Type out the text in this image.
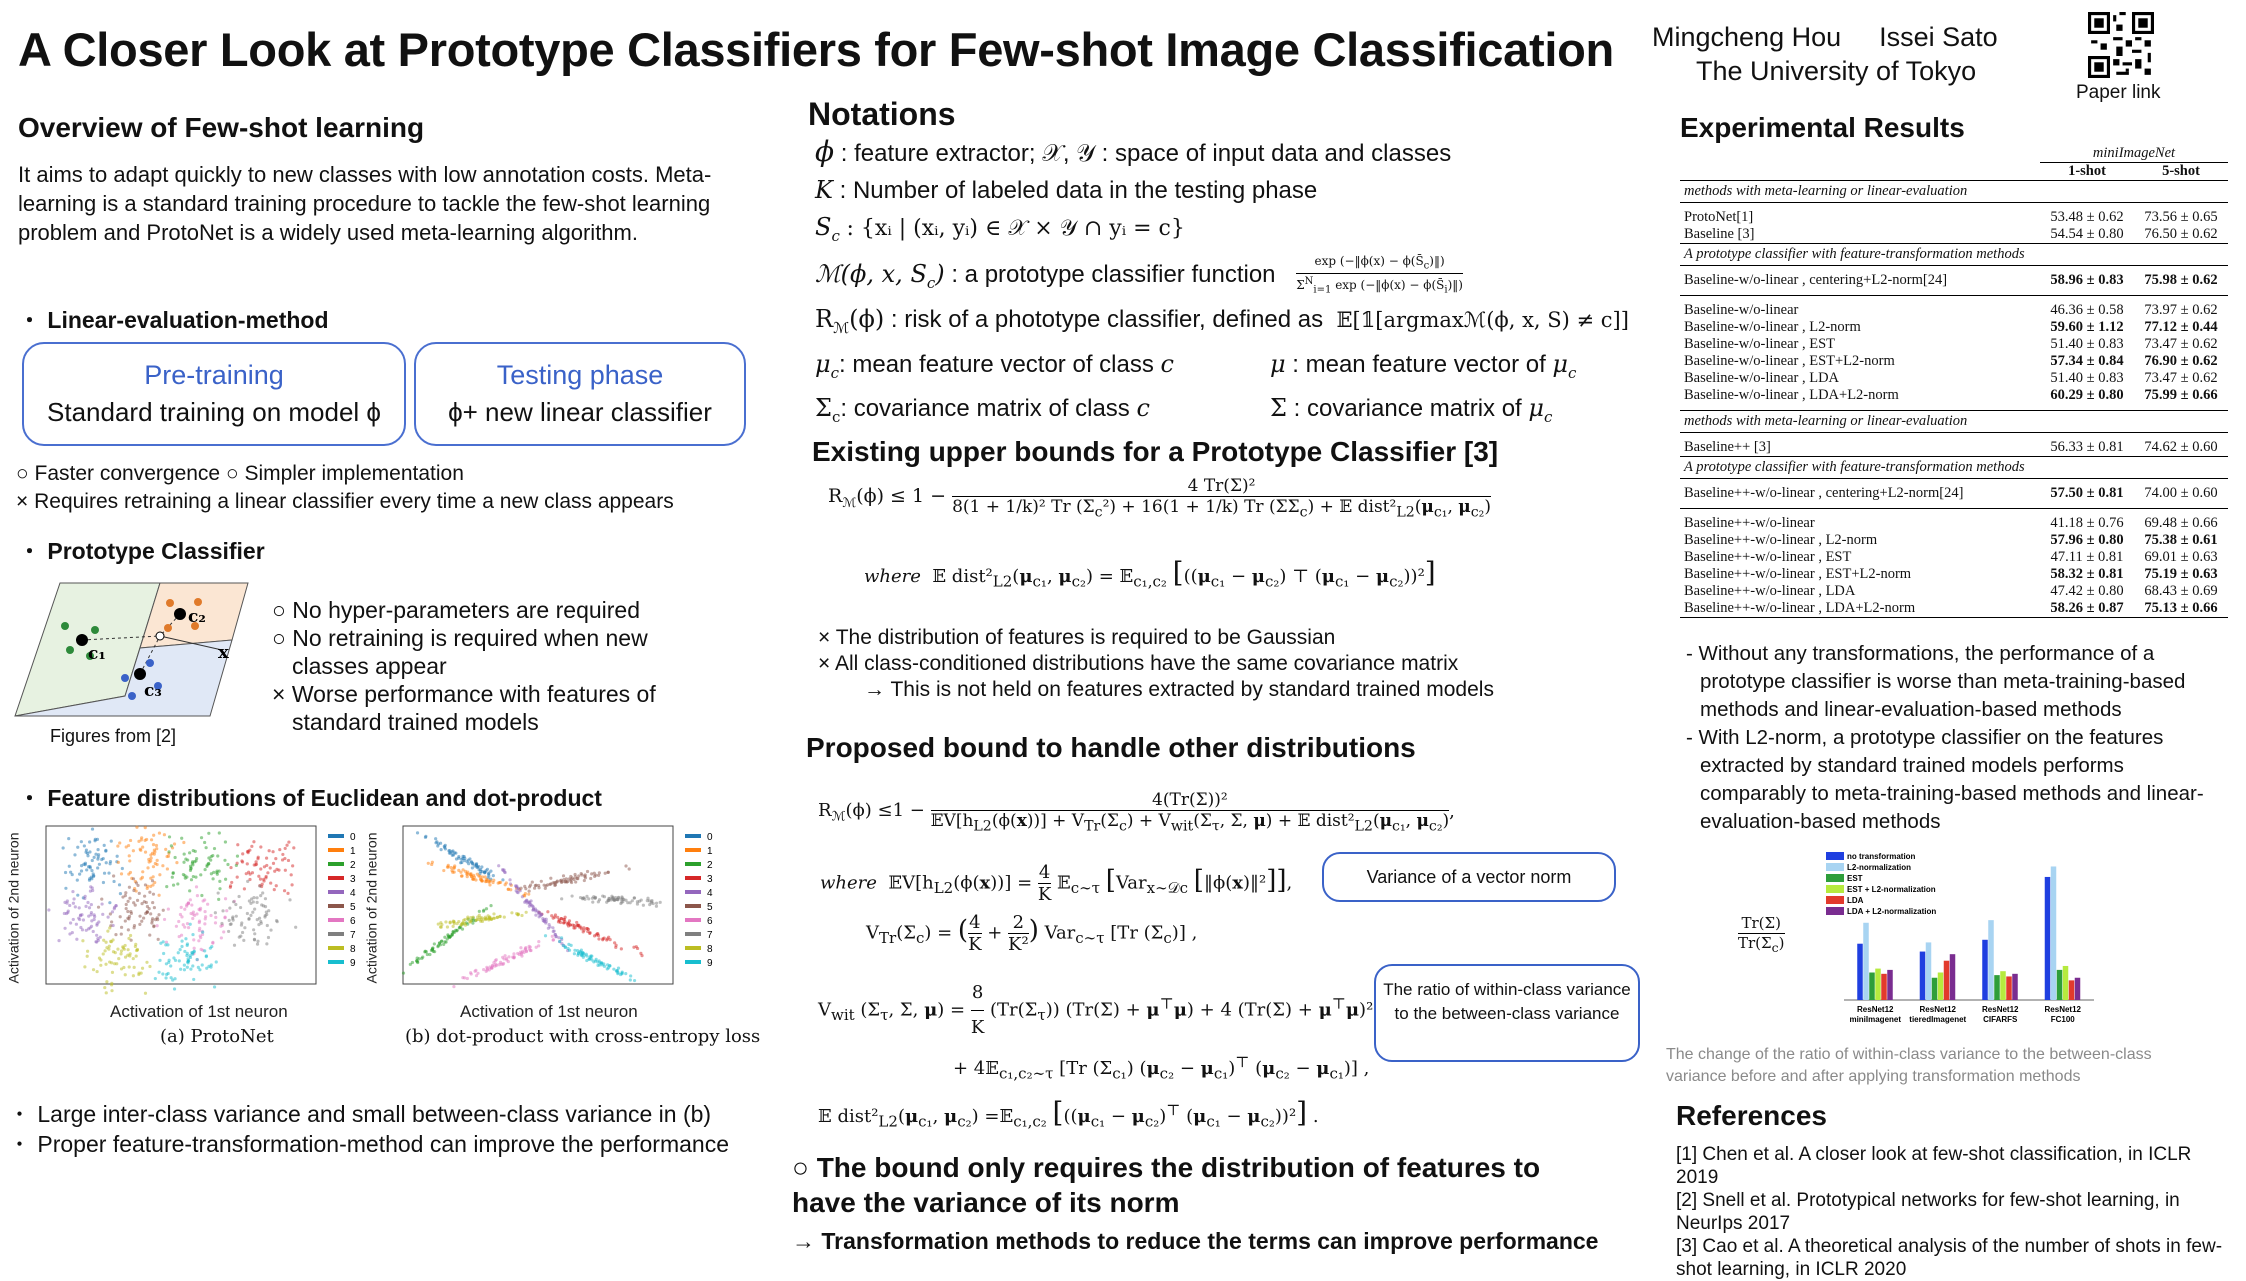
A Closer Look at Prototype Classifiers for Few-shot Image Classification Mingcheng Hou Issei Sato
The University of Tokyo
Paper link
Overview of Few-shot learning
It aims to adapt quickly to new classes with low annotation costs. Meta-learning is a standard training procedure to tackle the few-shot learning problem and ProtoNet is a widely used meta-learning algorithm.
・ Linear-evaluation-method
Pre-training
Standard training on model ϕ
Testing phase
ϕ+ new linear classifier
○ Faster convergence ○ Simpler implementation
× Requires retraining a linear classifier every time a new class appears
・ Prototype Classifier
x
c₁
c₂
c₃
Figures from [2]
○ No hyper-parameters are required
○ No retraining is required when new classes appear
× Worse performance with features of standard trained models
・ Feature distributions of Euclidean and dot-product
0
1
2
3
4
5
6
7
8
9
0
1
2
3
4
5
6
7
8
9
Activation of 1st neuron	Activation of 1st neuron
Activation of 2nd neuron	Activation of 2nd neuron
(a) ProtoNet	(b) dot-product with cross-entropy loss
・ Large inter-class variance and small between-class variance in (b)
・ Proper feature-transformation-method can improve the performance
Notations
ϕ : feature extractor; 𝒳, 𝒴 : space of input data and classes
K : Number of labeled data in the testing phase
$S_c$ : {xᵢ | (xᵢ, yᵢ) ∈ 𝒳 × 𝒴 ∩ yᵢ = c}
ℳ(ϕ, x, $S_c$) : a prototype classifier function
exp (−‖ϕ(x) − $\phi(S̄_c)‖$)
$\Sigma^N_{i=1}$ exp (−‖ϕ(x) − $\phi(S̄_i)‖$)
$R_ℳ(\phi)$ : risk of a phototype classifier, defined as  𝔼[𝟙[argmaxℳ(ϕ, x, S) ≠ c]]
$\mu_c$: mean feature vector of class c	μ : mean feature vector of $\mu_c$
$\Sigma_c$: covariance matrix of class c	Σ : covariance matrix of $\mu_c$
Existing upper bounds for a Prototype Classifier [3]
$R_ℳ(\phi) \le 1$ −	4 Tr(Σ)²
8(1 + 1/k)² Tr $(\Sigma_c^2) + 16(1 + 1/k)$ Tr $(\Sigma\Sigma_c)$ + 𝔼 $dist^2_{L2}(\mu_{c_1}$, $\mu_{c_2}$)
where  𝔼 $dist^2_{L2}(\mu_{c_1}$, $\mu_{c_2}$) = 𝔼$_{c_1,c_2}$ [($(\mu_{c_1} - \mu_{c_2})$ ⊤ $(\mu_{c_1} - \mu_{c_2}))^2$]
× The distribution of features is required to be Gaussian
× All class-conditioned distributions have the same covariance matrix
→ This is not held on features extracted by standard trained models
Proposed bound to handle other distributions
$R_ℳ(\phi) \le 1$ −	4(Tr(Σ))²
$𝔼V[h_{L2}(\phi(x))] + V_{Tr}(\Sigma_c) + V_{wit}(\Sigma_\tau$, Σ, μ) + 𝔼 $dist^2_{L2}(\mu_{c_1}$, $\mu_{c_2}$),
where  $𝔼V[h_{L2}(\phi(x))] = 4$
K 𝔼$_{c\sim\tau}$ [Var$_{x\sim 𝒟c}$ [‖ϕ(x)‖²]],	Variance of a vector norm
$V_{Tr}(\Sigma_c)$ = ( 4
K + 2
K²) Var$_{c\sim\tau}$ [Tr $(\Sigma_c)$] ,
$V_{wit}$ ($\Sigma_\tau$, Σ, μ) =
8
K $(Tr(\Sigma_\tau)) (Tr(\Sigma) + \mu^⊤\mu) + 4$ (Tr(Σ) + μ⊤μ)²
+ 4𝔼$_{c_1,c_2\sim\tau}$ [Tr $(\Sigma_{c_1}) (\mu_{c_2} - \mu_{c_1})^⊤$ $(\mu_{c_2} - \mu_{c_1})$] ,
The ratio of within-class variance to the between-class variance
𝔼 $dist^2_{L2}(\mu_{c_1}$, $\mu_{c_2}$) =𝔼$_{c_1,c_2}$ [($(\mu_{c_1} - \mu_{c_2})^⊤$ $(\mu_{c_1} - \mu_{c_2}))^2$] .
○ The bound only requires the distribution of features to have the variance of its norm
→ Transformation methods to reduce the terms can improve performance
Experimental Results
	miniImageNet	
	1-shot	5-shot
methods with meta-learning or linear-evaluation		

ProtoNet[1]	53.48 ± 0.62	73.56 ± 0.65
Baseline [3]	54.54 ± 0.80	76.50 ± 0.62
A prototype classifier with feature-transformation methods		

Baseline-w/o-linear , centering+L2-norm[24]	58.96 ± 0.83	75.98 ± 0.62

Baseline-w/o-linear	46.36 ± 0.58	73.97 ± 0.62
Baseline-w/o-linear , L2-norm	59.60 ± 1.12	77.12 ± 0.44
Baseline-w/o-linear , EST	51.40 ± 0.83	73.47 ± 0.62
Baseline-w/o-linear , EST+L2-norm	57.34 ± 0.84	76.90 ± 0.62
Baseline-w/o-linear , LDA	51.40 ± 0.83	73.47 ± 0.62
Baseline-w/o-linear , LDA+L2-norm	60.29 ± 0.80	75.99 ± 0.66

methods with meta-learning or linear-evaluation		

Baseline++ [3]	56.33 ± 0.81	74.62 ± 0.60
A prototype classifier with feature-transformation methods		

Baseline++-w/o-linear , centering+L2-norm[24]	57.50 ± 0.81	74.00 ± 0.60

Baseline++-w/o-linear	41.18 ± 0.76	69.48 ± 0.66
Baseline++-w/o-linear , L2-norm	57.96 ± 0.80	75.38 ± 0.61
Baseline++-w/o-linear , EST	47.11 ± 0.81	69.01 ± 0.63
Baseline++-w/o-linear , EST+L2-norm	58.32 ± 0.81	75.19 ± 0.63
Baseline++-w/o-linear , LDA	47.42 ± 0.80	68.43 ± 0.69
Baseline++-w/o-linear , LDA+L2-norm	58.26 ± 0.87	75.13 ± 0.66
- Without any transformations, the performance of a prototype classifier is worse than meta-training-based methods and linear-evaluation-based methods
- With L2-norm, a prototype classifier on the features extracted by standard trained models performs comparably to meta-training-based methods and linear-evaluation-based methods
Tr(Σ)
$Tr(\Sigma_c)$
ResNet12
miniImagenet
ResNet12
tieredImagenet
ResNet12
CIFARFS
ResNet12
FC100
no transformation
L2-normalization
EST
EST + L2-normalization
LDA
LDA + L2-normalization
The change of the ratio of within-class variance to the between-class variance before and after applying transformation methods
References
[1] Chen et al. A closer look at few-shot classification, in ICLR 2019
[2] Snell et al. Prototypical networks for few-shot learning, in NeurIps 2017
[3] Cao et al. A theoretical analysis of the number of shots in few-shot learning, in ICLR 2020
